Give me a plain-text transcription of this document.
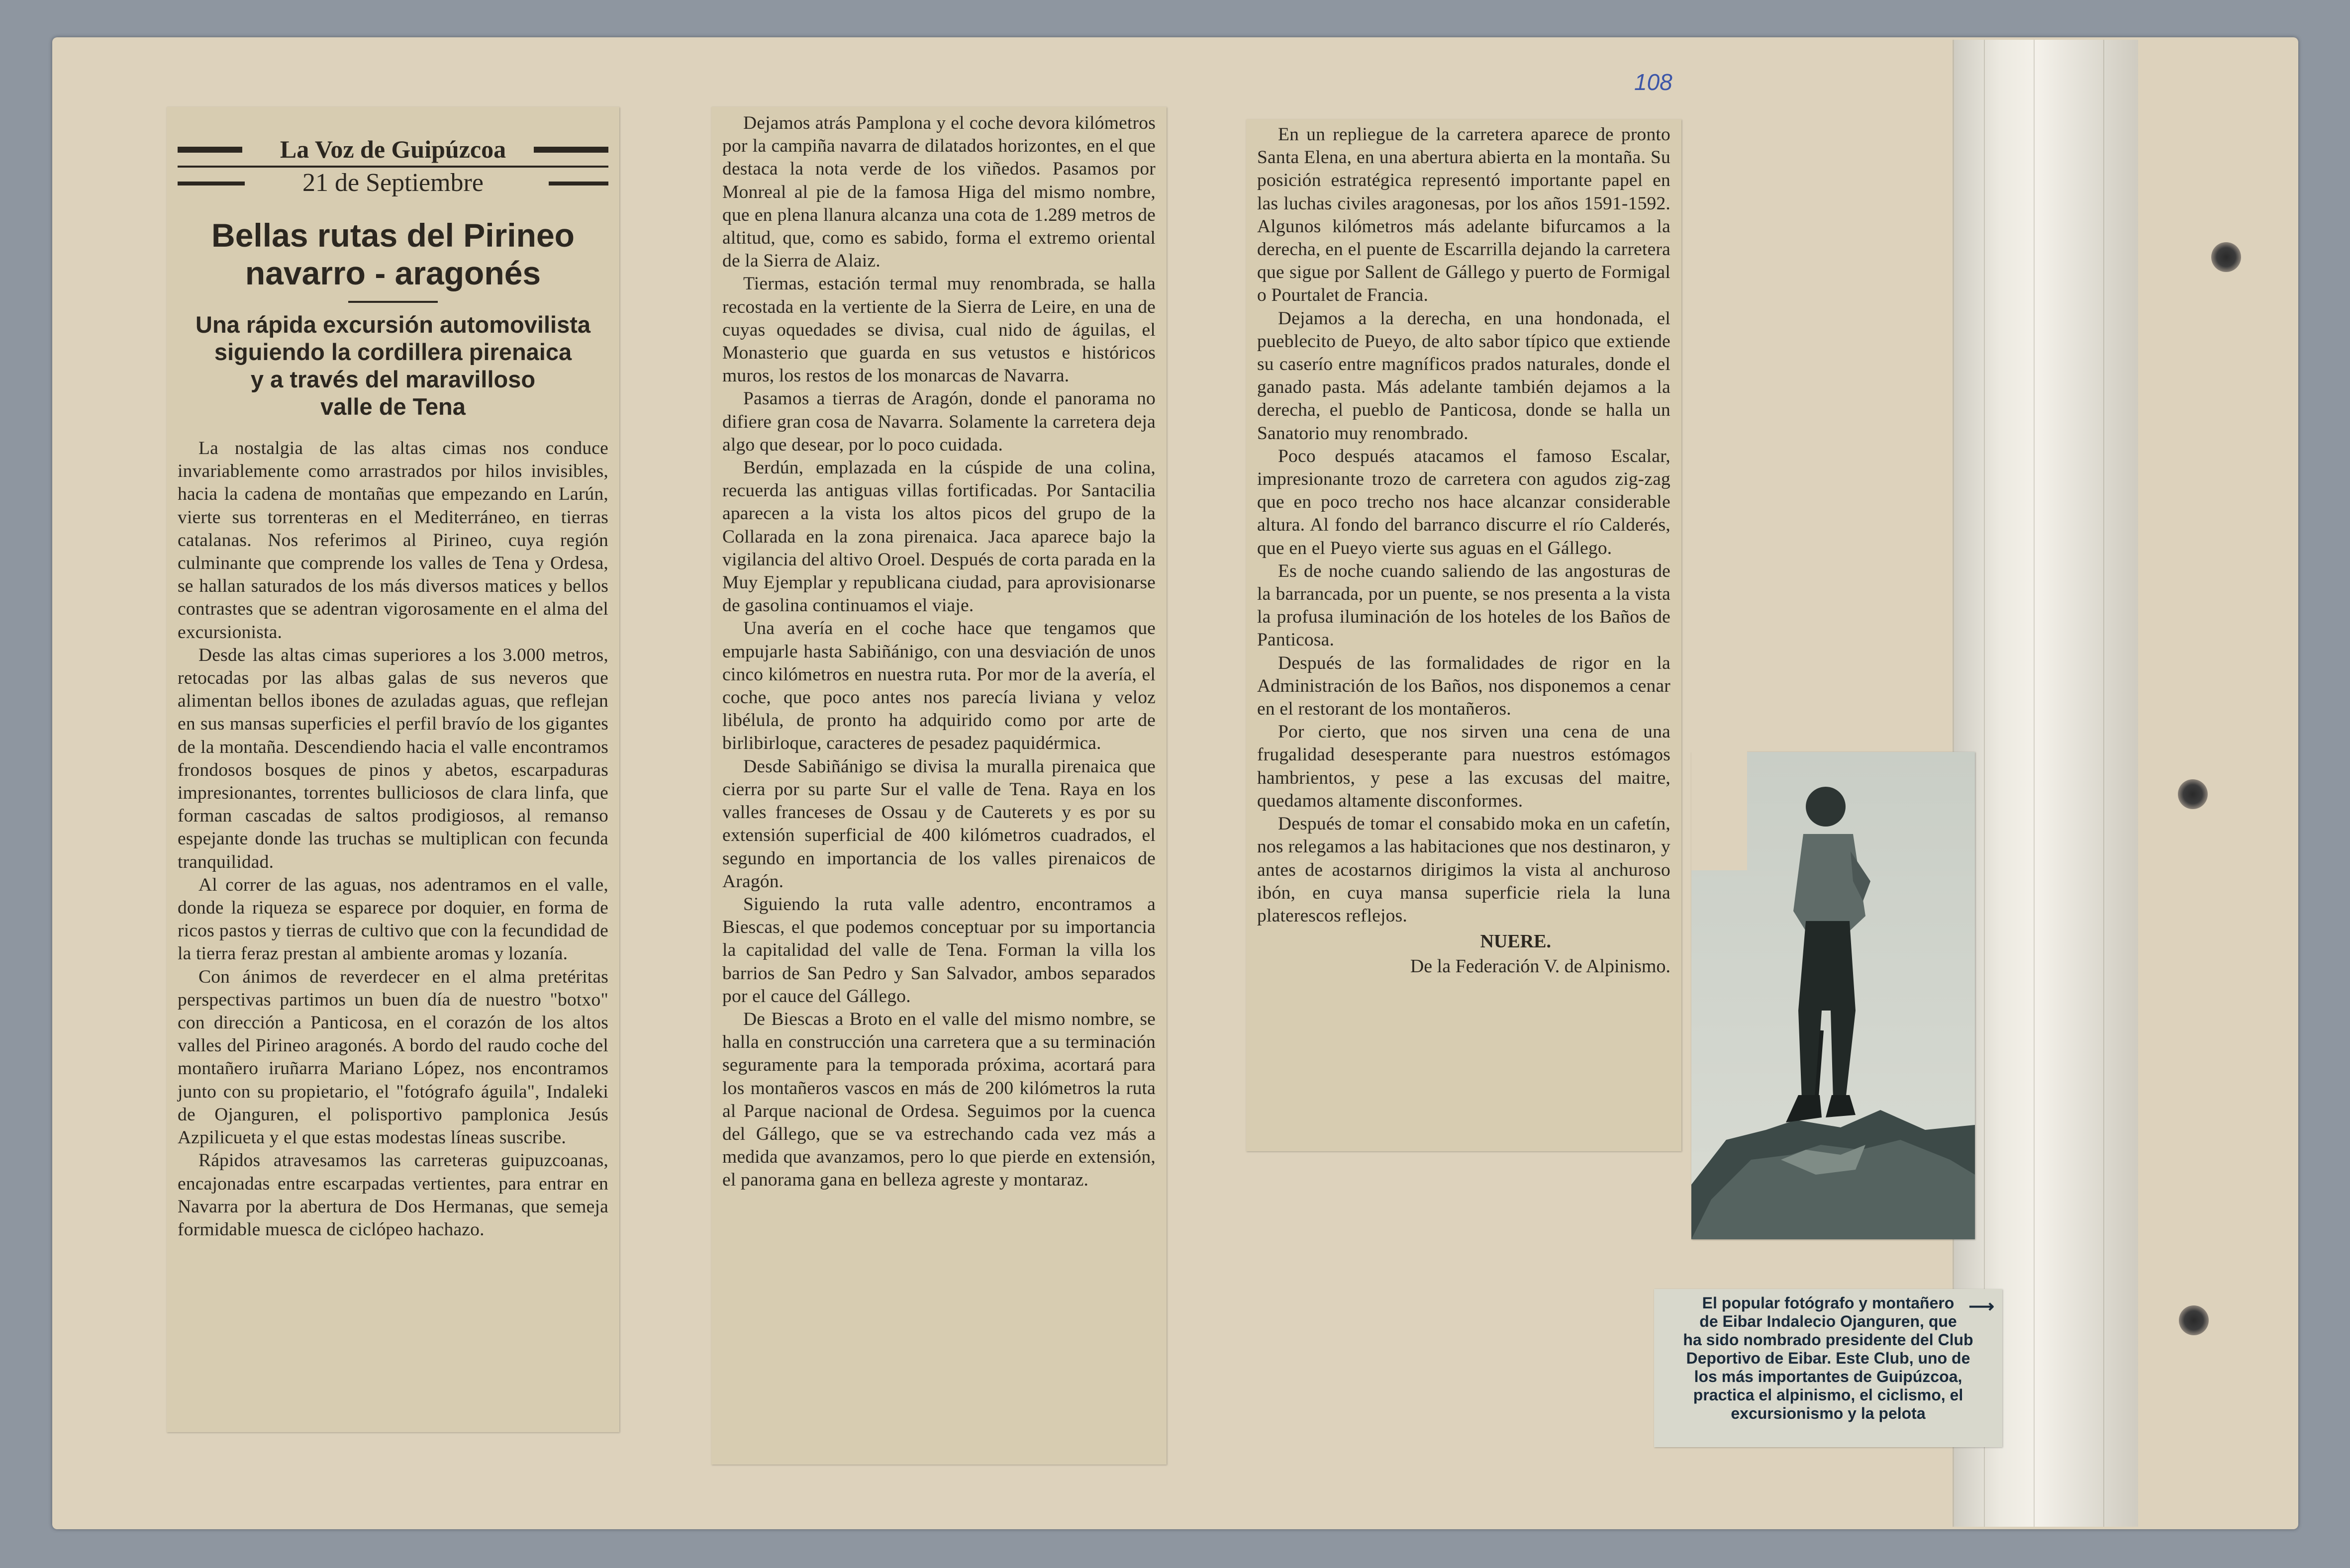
108
La Voz de Guipúzcoa
21 de Septiembre
Bellas rutas del Pirineo
navarro - aragonés
Una rápida excursión automovilista
siguiendo la cordillera pirenaica
y a través del maravilloso
valle de Tena

La nostalgia de las altas cimas nos conduce invariablemente como arrastrados por hilos invisibles, hacia la cadena de montañas que empezando en Larún, vierte sus torrenteras en el Mediterráneo, en tierras catalanas. Nos referimos al Pirineo, cuya región culminante que comprende los valles de Tena y Ordesa, se hallan saturados de los más diversos matices y bellos contrastes que se adentran vigorosamente en el alma del excursionista.

Desde las altas cimas superiores a los 3.000 metros, retocadas por las albas galas de sus neveros que alimentan bellos ibones de azuladas aguas, que reflejan en sus mansas superficies el perfil bravío de los gigantes de la montaña. Descendiendo hacia el valle encontramos frondosos bosques de pinos y abetos, escarpaduras impresionantes, torrentes bulliciosos de clara linfa, que forman cascadas de saltos prodigiosos, al remanso espejante donde las truchas se multiplican con fecunda tranquilidad.

Al correr de las aguas, nos adentramos en el valle, donde la riqueza se esparece por doquier, en forma de ricos pastos y tierras de cultivo que con la fecundidad de la tierra feraz prestan al ambiente aromas y lozanía.

Con ánimos de reverdecer en el alma pretéritas perspectivas partimos un buen día de nuestro "botxo" con dirección a Panticosa, en el corazón de los altos valles del Pirineo aragonés. A bordo del raudo coche del montañero iruñarra Mariano López, nos encontramos junto con su propietario, el "fotógrafo águila", Indaleki de Ojanguren, el polisportivo pamplonica Jesús Azpilicueta y el que estas modestas líneas suscribe.

Rápidos atravesamos las carreteras guipuzcoanas, encajonadas entre escarpadas vertientes, para entrar en Navarra por la abertura de Dos Hermanas, que semeja formidable muesca de ciclópeo hachazo.

Dejamos atrás Pamplona y el coche devora kilómetros por la campiña navarra de dilatados horizontes, en el que destaca la nota verde de los viñedos. Pasamos por Monreal al pie de la famosa Higa del mismo nombre, que en plena llanura alcanza una cota de 1.289 metros de altitud, que, como es sabido, forma el extremo oriental de la Sierra de Alaiz.

Tiermas, estación termal muy renombrada, se halla recostada en la vertiente de la Sierra de Leire, en una de cuyas oquedades se divisa, cual nido de águilas, el Monasterio que guarda en sus vetustos e históricos muros, los restos de los monarcas de Navarra.

Pasamos a tierras de Aragón, donde el panorama no difiere gran cosa de Navarra. Solamente la carretera deja algo que desear, por lo poco cuidada.

Berdún, emplazada en la cúspide de una colina, recuerda las antiguas villas fortificadas. Por Santacilia aparecen a la vista los altos picos del grupo de la Collarada en la zona pirenaica. Jaca aparece bajo la vigilancia del altivo Oroel. Después de corta parada en la Muy Ejemplar y republicana ciudad, para aprovisionarse de gasolina continuamos el viaje.

Una avería en el coche hace que tengamos que empujarle hasta Sabiñánigo, con una desviación de unos cinco kilómetros en nuestra ruta. Por mor de la avería, el coche, que poco antes nos parecía liviana y veloz libélula, de pronto ha adquirido como por arte de birlibirloque, caracteres de pesadez paquidérmica.

Desde Sabiñánigo se divisa la muralla pirenaica que cierra por su parte Sur el valle de Tena. Raya en los valles franceses de Ossau y de Cauterets y es por su extensión superficial de 400 kilómetros cuadrados, el segundo en importancia de los valles pirenaicos de Aragón.

Siguiendo la ruta valle adentro, encontramos a Biescas, el que podemos conceptuar por su importancia la capitalidad del valle de Tena. Forman la villa los barrios de San Pedro y San Salvador, ambos separados por el cauce del Gállego.

De Biescas a Broto en el valle del mismo nombre, se halla en construcción una carretera que a su terminación seguramente para la temporada próxima, acortará para los montañeros vascos en más de 200 kilómetros la ruta al Parque nacional de Ordesa. Seguimos por la cuenca del Gállego, que se va estrechando cada vez más a medida que avanzamos, pero lo que pierde en extensión, el panorama gana en belleza agreste y montaraz.

En un repliegue de la carretera aparece de pronto Santa Elena, en una abertura abierta en la montaña. Su posición estratégica representó importante papel en las luchas civiles aragonesas, por los años 1591-1592. Algunos kilómetros más adelante bifurcamos a la derecha, en el puente de Escarrilla dejando la carretera que sigue por Sallent de Gállego y puerto de Formigal o Pourtalet de Francia.

Dejamos a la derecha, en una hondonada, el pueblecito de Pueyo, de alto sabor típico que extiende su caserío entre magníficos prados naturales, donde el ganado pasta. Más adelante también dejamos a la derecha, el pueblo de Panticosa, donde se halla un Sanatorio muy renombrado.

Poco después atacamos el famoso Escalar, impresionante trozo de carretera con agudos zig-zag que en poco trecho nos hace alcanzar considerable altura. Al fondo del barranco discurre el río Calderés, que en el Pueyo vierte sus aguas en el Gállego.

Es de noche cuando saliendo de las angosturas de la barrancada, por un puente, se nos presenta a la vista la profusa iluminación de los hoteles de los Baños de Panticosa.

Después de las formalidades de rigor en la Administración de los Baños, nos disponemos a cenar en el restorant de los montañeros.

Por cierto, que nos sirven una cena de una frugalidad desesperante para nuestros estómagos hambrientos, y pese a las excusas del maitre, quedamos altamente disconformes.

Después de tomar el consabido moka en un cafetín, nos relegamos a las habitaciones que nos destinaron, y antes de acostarnos dirigimos la vista al anchuroso ibón, en cuya mansa superficie riela la luna platerescos reflejos.

NUERE.
De la Federación V. de Alpinismo.
⟶
El popular fotógrafo y montañero
de Eibar Indalecio Ojanguren, que
ha sido nombrado presidente del Club
Deportivo de Eibar. Este Club, uno de
los más importantes de Guipúzcoa,
practica el alpinismo, el ciclismo, el
excursionismo y la pelota
